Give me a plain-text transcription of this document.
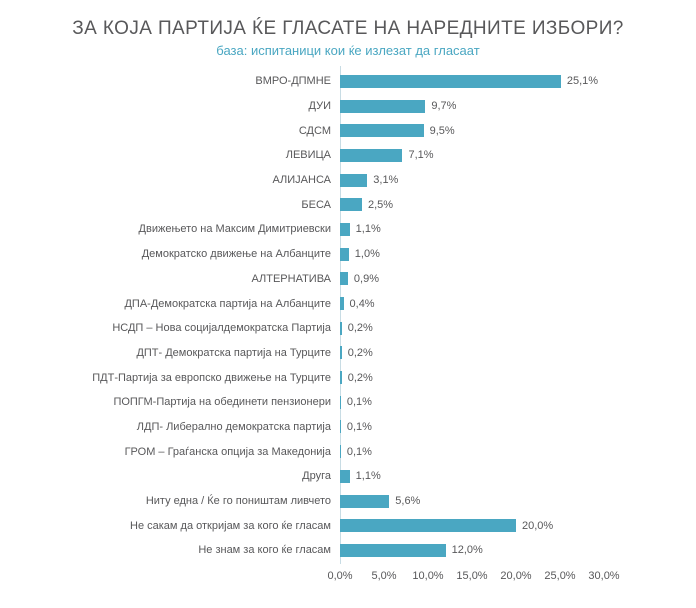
ЗА КОЈА ПАРТИЈА ЌЕ ГЛАСАТЕ НА НАРЕДНИТЕ ИЗБОРИ?
база: испитаници кои ќе излезат да гласаат
ВМРО-ДПМНЕ	25,1%
ДУИ	9,7%
СДСМ	9,5%
ЛЕВИЦА	7,1%
АЛИЈАНСА	3,1%
БЕСА	2,5%
Движењето на Максим Димитриевски	1,1%
Демократско движење на Албанците	1,0%
АЛТЕРНАТИВА	0,9%
ДПА-Демократска партија на Албанците	0,4%
НСДП – Нова социјалдемократска Партија	0,2%
ДПТ- Демократска партија на Турците	0,2%
ПДТ-Партија за европско движење на Турците	0,2%
ПОПГМ-Партија на обединети пензионери	0,1%
ЛДП- Либерално демократска партија	0,1%
ГРОМ – Граѓанска опција за Македонија	0,1%
Друга	1,1%
Ниту една / Ќе го поништам ливчето	5,6%
Не сакам да откријам за кого ќе гласам	20,0%
Не знам за кого ќе гласам	12,0%
0,0% 5,0% 10,0% 15,0% 20,0% 25,0% 30,0%
